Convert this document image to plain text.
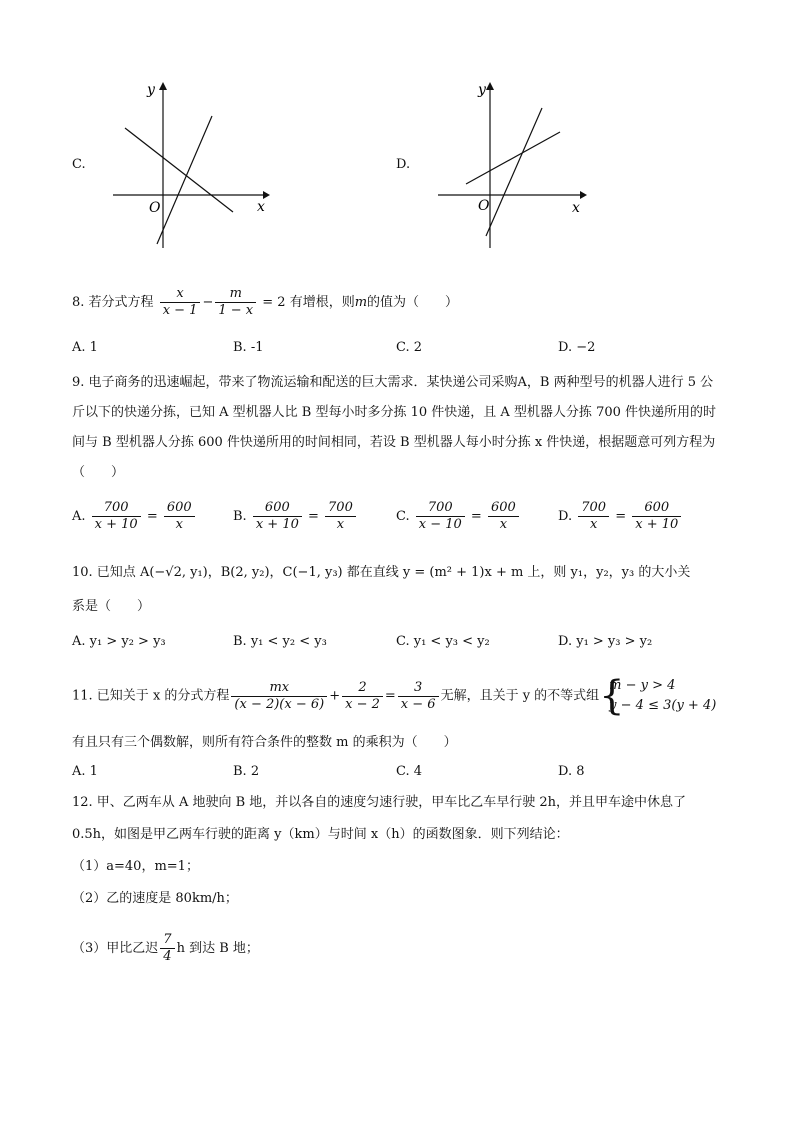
C.
x
y
O
D.
x
y
O
8. 若分式方程 $\frac{x}{x - 1} - \frac{m}{1 - x} = 2$ 有增根，则m的值为（　　）
A. 1	B. -1	C. 2	D. −2
9. 电子商务的迅速崛起，带来了物流运输和配送的巨大需求．某快递公司采购A，B 两种型号的机器人进行 5 公斤以下的快递分拣，已知 A 型机器人比 B 型每小时多分拣 10 件快递，且 A 型机器人分拣 700 件快递所用的时间与 B 型机器人分拣 600 件快递所用的时间相同，若设 B 型机器人每小时分拣 x 件快递，根据题意可列方程为（　　）
A. $\frac{700}{x + 10} = \frac{600}{x}$	B. $\frac{600}{x + 10} = \frac{700}{x}$	C. $\frac{700}{x - 10} = \frac{600}{x}$	D. $\frac{700}{x} = \frac{600}{x + 10}$
10. 已知点 A(−√2, y₁)，B(2, y₂)，C(−1, y₃) 都在直线 y = (m² + 1)x + m 上，则 y₁，y₂，y₃ 的大小关
系是（　　）
A. y₁ > y₂ > y₃	B. y₁ < y₂ < y₃	C. y₁ < y₃ < y₂	D. y₁ > y₃ > y₂
11. 已知关于 x 的分式方程 $\frac{mx}{(x - 2)(x - 6)} + \frac{2}{x - 2} = \frac{3}{x - 6}$ 无解，且关于 y 的不等式组 {
m − y > 4
y − 4 ≤ 3(y + 4)
有且只有三个偶数解，则所有符合条件的整数 m 的乘积为（　　）
A. 1	B. 2	C. 4	D. 8
12. 甲、乙两车从 A 地驶向 B 地，并以各自的速度匀速行驶，甲车比乙车早行驶 2h，并且甲车途中休息了
0.5h，如图是甲乙两车行驶的距离 y（km）与时间 x（h）的函数图象．则下列结论：
（1）a=40，m=1；
（2）乙的速度是 80km/h；
（3）甲比乙迟 $\frac{7}{4}$ h 到达 B 地；
